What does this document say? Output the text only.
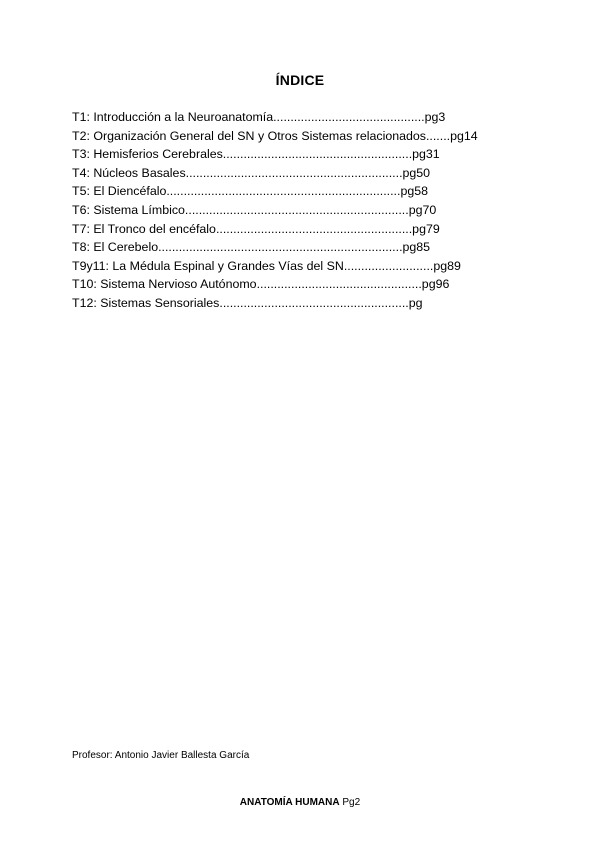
ÍNDICE
T1: Introducción a la Neuroanatomía............................................pg3
T2: Organización General del SN y Otros Sistemas relacionados.......pg14
T3: Hemisferios Cerebrales.......................................................pg31
T4: Núcleos Basales...............................................................pg50
T5: El Diencéfalo....................................................................pg58
T6: Sistema Límbico.................................................................pg70
T7: El Tronco del encéfalo.........................................................pg79
T8: El Cerebelo.......................................................................pg85
T9y11: La Médula Espinal y Grandes Vías del SN..........................pg89
T10: Sistema Nervioso Autónomo................................................pg96
T12: Sistemas Sensoriales.......................................................pg
Profesor: Antonio Javier Ballesta García
ANATOMÍA HUMANA Pg2
